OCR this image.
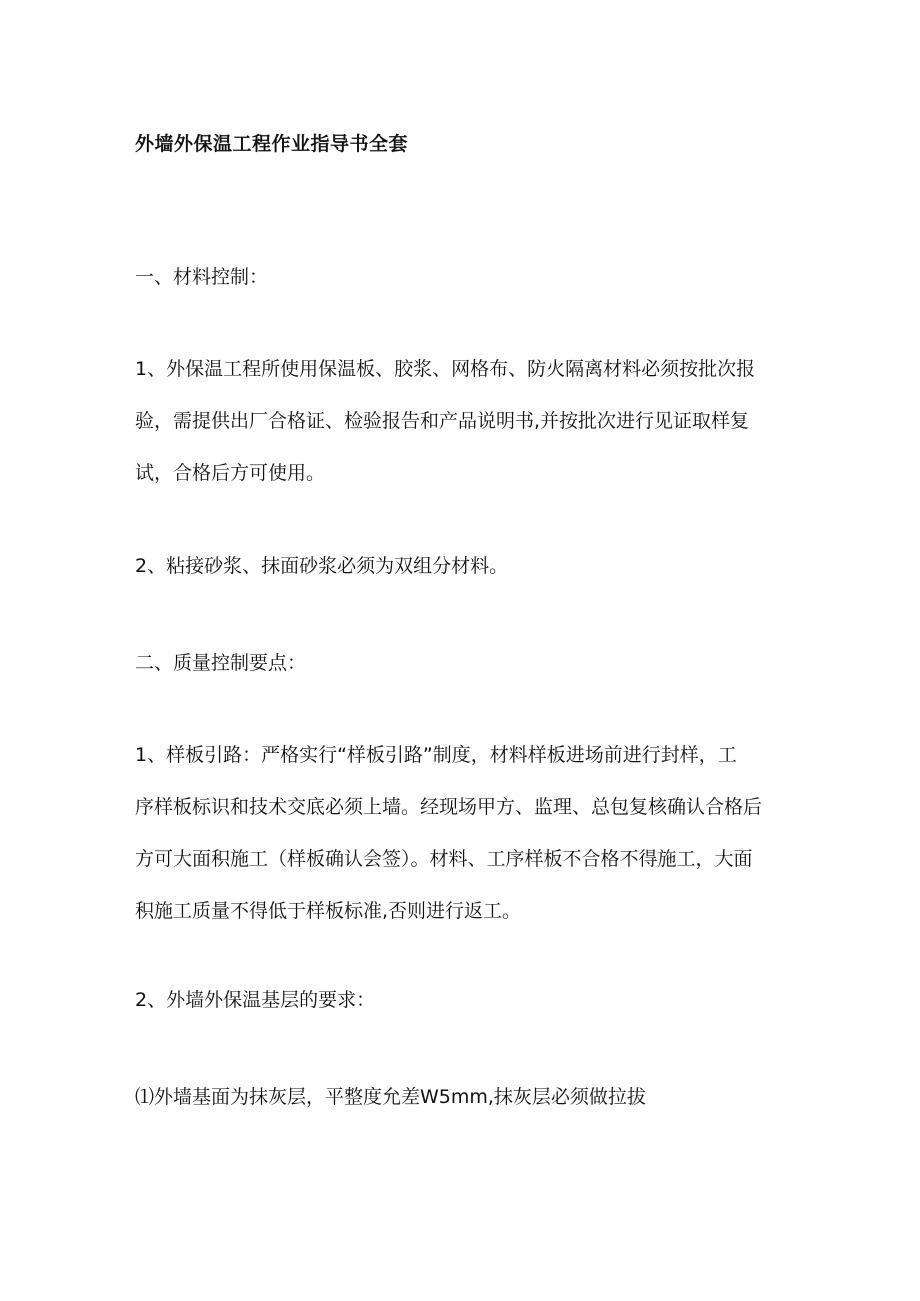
外墙外保温工程作业指导书全套
一、材料控制：
1、外保温工程所使用保温板、胶浆、网格布、防火隔离材料必须按批次报
验，需提供出厂合格证、检验报告和产品说明书,并按批次进行见证取样复
试，合格后方可使用。
2、粘接砂浆、抹面砂浆必须为双组分材料。
二、质量控制要点：
1、样板引路：严格实行“样板引路”制度，材料样板进场前进行封样，工
序样板标识和技术交底必须上墙。经现场甲方、监理、总包复核确认合格后
方可大面积施工（样板确认会签）。材料、工序样板不合格不得施工，大面
积施工质量不得低于样板标准,否则进行返工。
2、外墙外保温基层的要求：
⑴外墙基面为抹灰层，平整度允差W5mm,抹灰层必须做拉拔
